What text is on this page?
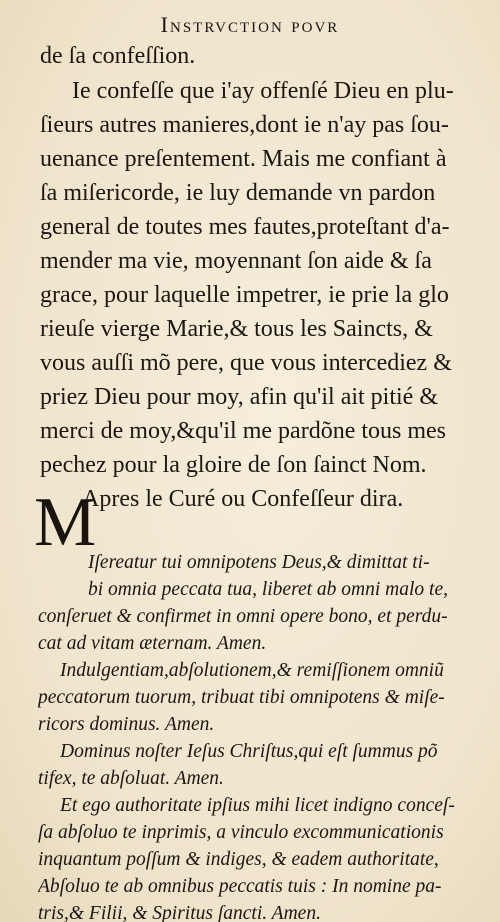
Instrvction povr
de ſa confeſſion.
Ie confeſſe que i'ay offenſé Dieu en plu-
ſieurs autres manieres,dont ie n'ay pas ſou-
uenance preſentement. Mais me confiant à
ſa miſericorde, ie luy demande vn pardon
general de toutes mes fautes,proteſtant d'a-
mender ma vie, moyennant ſon aide & ſa
grace, pour laquelle impetrer, ie prie la glo
rieuſe vierge Marie,& tous les Saincts, &
vous auſſi mõ pere, que vous intercediez &
priez Dieu pour moy, afin qu'il ait pitié &
merci de moy,&qu'il me pardõne tous mes
pechez pour la gloire de ſon ſainct Nom.
Apres le Curé ou Confeſſeur dira.
M
Iſereatur tui omnipotens Deus,& dimittat ti-
bi omnia peccata tua, liberet ab omni malo te,
conſeruet & confirmet in omni opere bono, et perdu-
cat ad vitam æternam. Amen.
Indulgentiam,abſolutionem,& remiſſionem omniũ
peccatorum tuorum, tribuat tibi omnipotens & miſe-
ricors dominus. Amen.
Dominus noſter Ieſus Chriſtus,qui eſt ſummus põ
tifex, te abſoluat. Amen.
Et ego authoritate ipſius mihi licet indigno conceſ-
ſa abſoluo te inprimis, a vinculo excommunicationis
inquantum poſſum & indiges, & eadem authoritate,
Abſoluo te ab omnibus peccatis tuis : In nomine pa-
tris,& Filii, & Spiritus ſancti. Amen.
